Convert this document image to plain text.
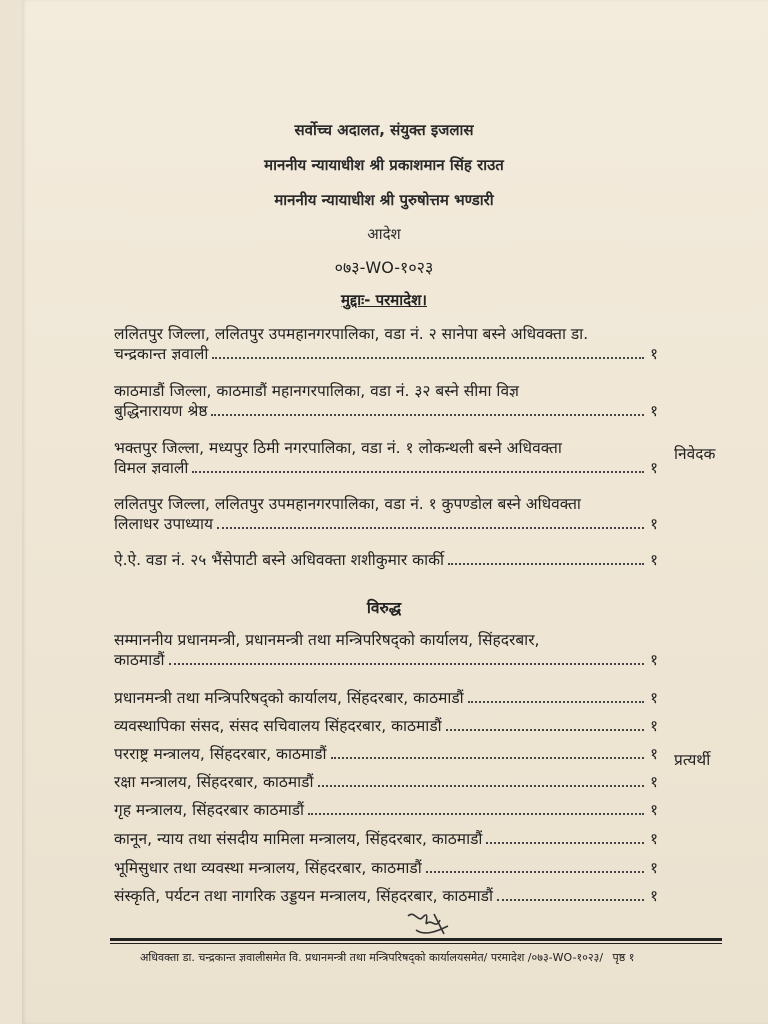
सर्वोच्च अदालत, संयुक्त इजलास
माननीय न्यायाधीश श्री प्रकाशमान सिंह राउत
माननीय न्यायाधीश श्री पुरुषोत्तम भण्डारी
आदेश
०७३-WO-१०२३
मुद्दाः- परमादेश।
ललितपुर जिल्ला, ललितपुर उपमहानगरपालिका, वडा नं. २ सानेपा बस्ने अधिवक्ता डा.
चन्द्रकान्त ज्ञवाली	१
काठमाडौं जिल्ला, काठमाडौं महानगरपालिका, वडा नं. ३२ बस्ने सीमा विज्ञ
बुद्धिनारायण श्रेष्ठ	१
भक्तपुर जिल्ला, मध्यपुर ठिमी नगरपालिका, वडा नं. १ लोकन्थली बस्ने अधिवक्ता
विमल ज्ञवाली	१
ललितपुर जिल्ला, ललितपुर उपमहानगरपालिका, वडा नं. १ कुपण्डोल बस्ने अधिवक्ता
लिलाधर उपाध्याय	१
ऐ.ऐ. वडा नं. २५ भैंसेपाटी बस्ने अधिवक्ता शशीकुमार कार्की	१
निवेदक
विरुद्ध
सम्माननीय प्रधानमन्त्री, प्रधानमन्त्री तथा मन्त्रिपरिषद्को कार्यालय, सिंहदरबार,
काठमाडौं	१
प्रधानमन्त्री तथा मन्त्रिपरिषद्को कार्यालय, सिंहदरबार, काठमाडौं	१
व्यवस्थापिका संसद, संसद सचिवालय सिंहदरबार, काठमाडौं	१
परराष्ट्र मन्त्रालय, सिंहदरबार, काठमाडौं	१
रक्षा मन्त्रालय, सिंहदरबार, काठमाडौं	१
गृह मन्त्रालय, सिंहदरबार काठमाडौं	१
कानून, न्याय तथा संसदीय मामिला मन्त्रालय, सिंहदरबार, काठमाडौं	१
भूमिसुधार तथा व्यवस्था मन्त्रालय, सिंहदरबार, काठमाडौं	१
संस्कृति, पर्यटन तथा नागरिक उड्डयन मन्त्रालय, सिंहदरबार, काठमाडौं	१
प्रत्यर्थी
अधिवक्ता डा. चन्द्रकान्त ज्ञवालीसमेत वि. प्रधानमन्त्री तथा मन्त्रिपरिषद्को कार्यालयसमेत/ परमादेश /०७३-WO-१०२३/ पृष्ठ १
